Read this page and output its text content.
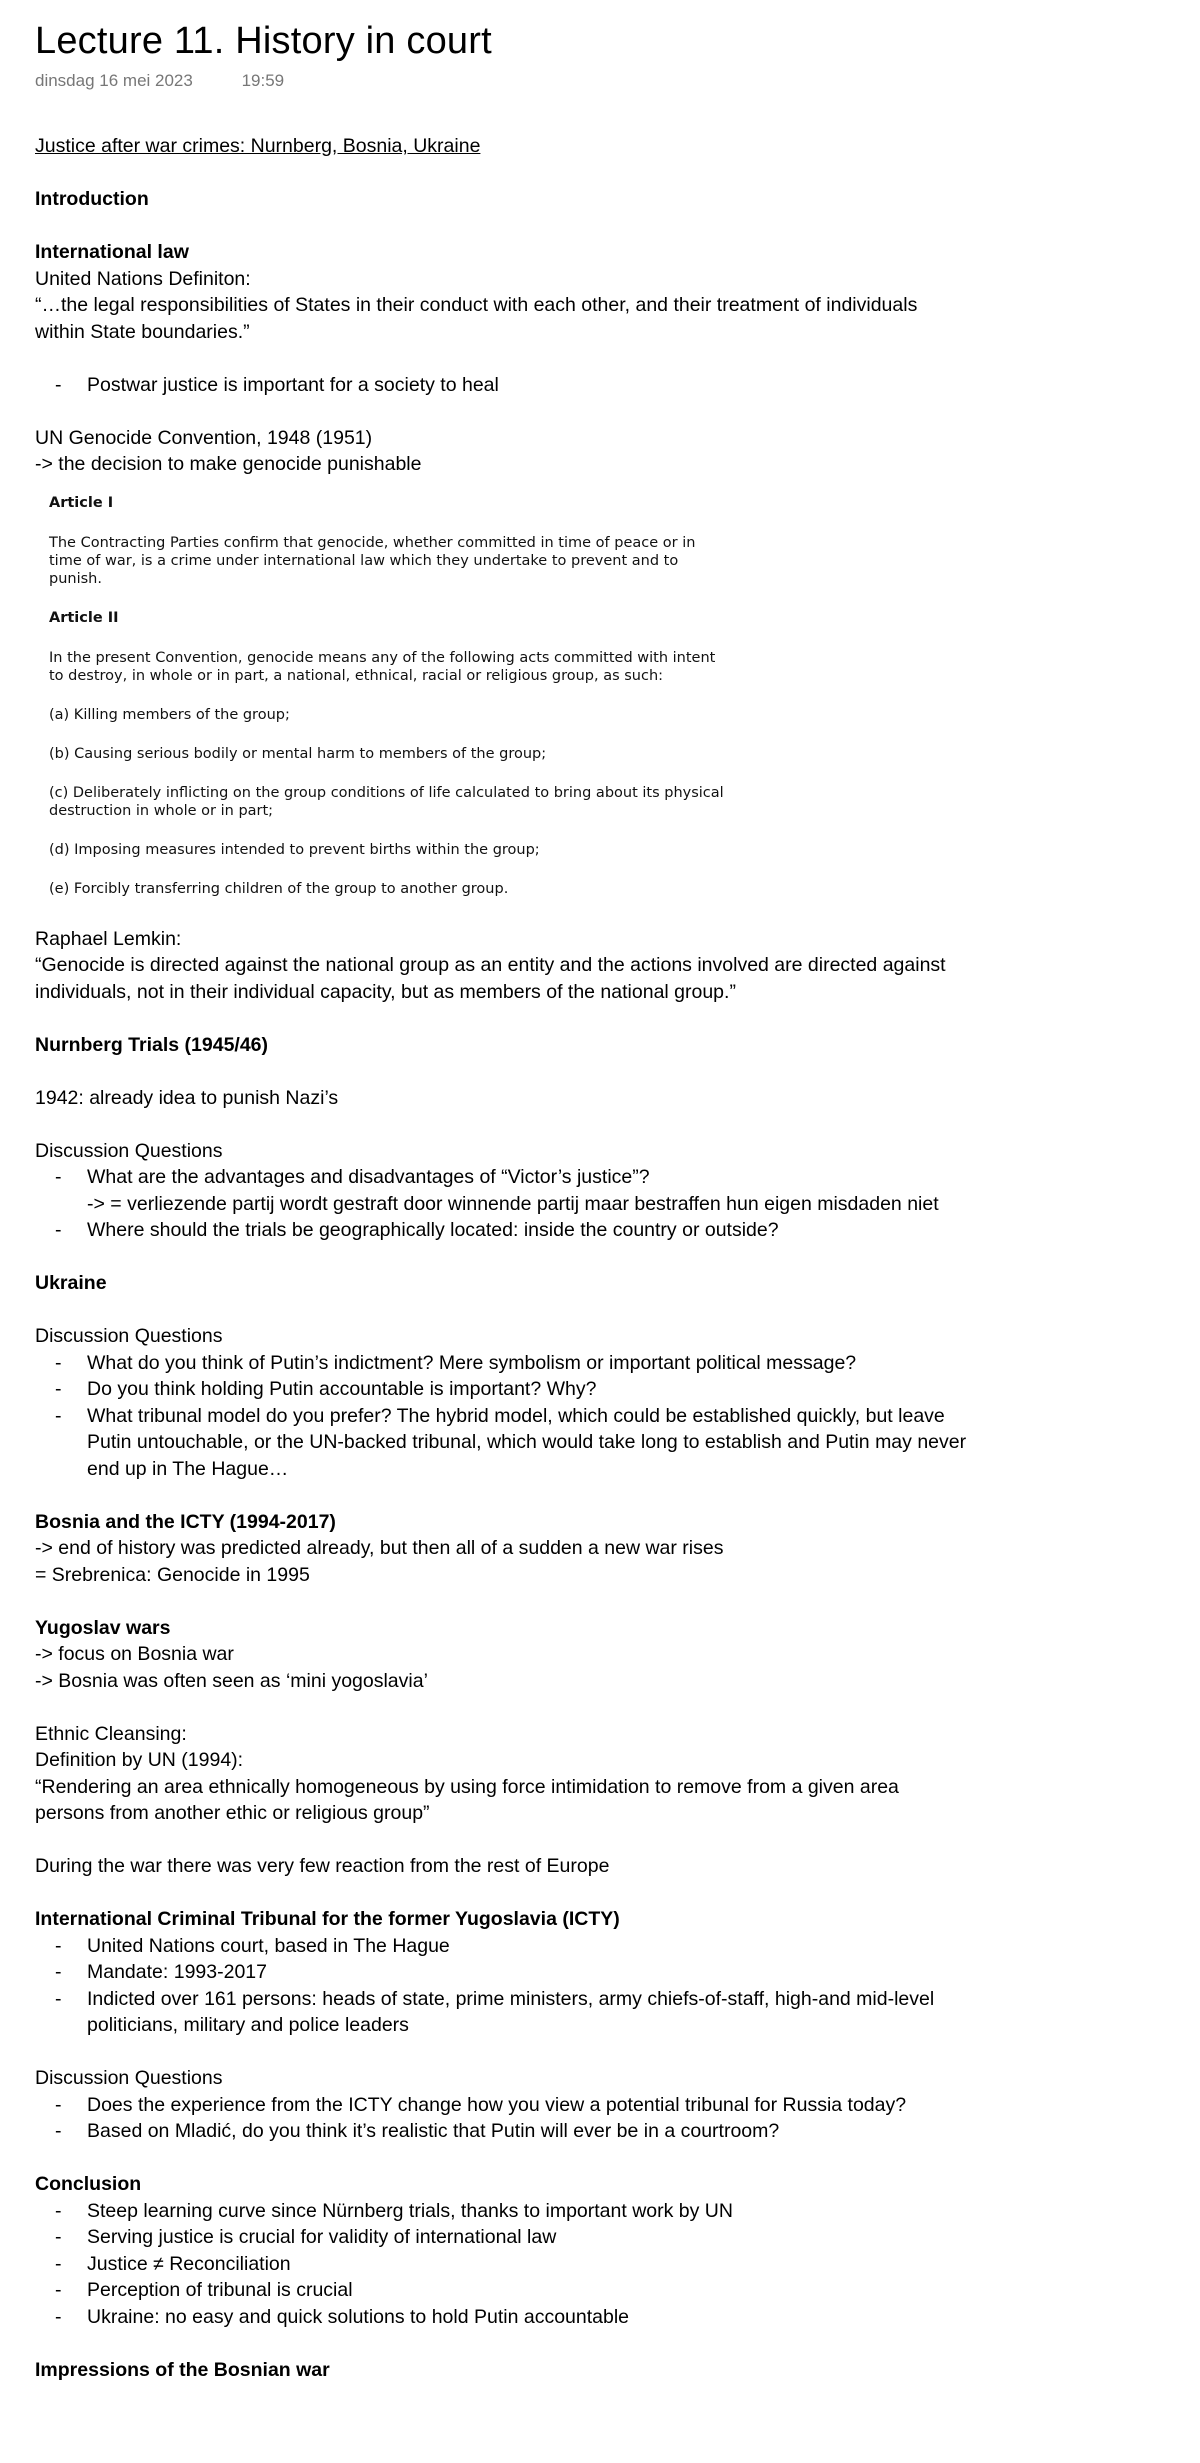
Lecture 11. History in court
dinsdag 16 mei 2023	19:59
Justice after war crimes: Nurnberg, Bosnia, Ukraine
Introduction
International law
United Nations Definiton:
“…the legal responsibilities of States in their conduct with each other, and their treatment of individuals
within State boundaries.”
- Postwar justice is important for a society to heal
UN Genocide Convention, 1948 (1951)
-> the decision to make genocide punishable

Article I

The Contracting Parties confirm that genocide, whether committed in time of peace or in time of war, is a crime under international law which they undertake to prevent and to punish.

Article II

In the present Convention, genocide means any of the following acts committed with intent to destroy, in whole or in part, a national, ethnical, racial or religious group, as such:

(a) Killing members of the group;

(b) Causing serious bodily or mental harm to members of the group;

(c) Deliberately inflicting on the group conditions of life calculated to bring about its physical destruction in whole or in part;

(d) Imposing measures intended to prevent births within the group;

(e) Forcibly transferring children of the group to another group.

Raphael Lemkin:
“Genocide is directed against the national group as an entity and the actions involved are directed against
individuals, not in their individual capacity, but as members of the national group.”
Nurnberg Trials (1945/46)
1942: already idea to punish Nazi’s
Discussion Questions
- What are the advantages and disadvantages of “Victor’s justice”?
-> = verliezende partij wordt gestraft door winnende partij maar bestraffen hun eigen misdaden niet
- Where should the trials be geographically located: inside the country or outside?
Ukraine
Discussion Questions
- What do you think of Putin’s indictment? Mere symbolism or important political message?
- Do you think holding Putin accountable is important? Why?
- What tribunal model do you prefer? The hybrid model, which could be established quickly, but leave
Putin untouchable, or the UN-backed tribunal, which would take long to establish and Putin may never
end up in The Hague…
Bosnia and the ICTY (1994-2017)
-> end of history was predicted already, but then all of a sudden a new war rises
= Srebrenica: Genocide in 1995
Yugoslav wars
-> focus on Bosnia war
-> Bosnia was often seen as ‘mini yogoslavia’
Ethnic Cleansing:
Definition by UN (1994):
“Rendering an area ethnically homogeneous by using force intimidation to remove from a given area
persons from another ethic or religious group”
During the war there was very few reaction from the rest of Europe
International Criminal Tribunal for the former Yugoslavia (ICTY)
- United Nations court, based in The Hague
- Mandate: 1993-2017
- Indicted over 161 persons: heads of state, prime ministers, army chiefs-of-staff, high-and mid-level
politicians, military and police leaders
Discussion Questions
- Does the experience from the ICTY change how you view a potential tribunal for Russia today?
- Based on Mladić, do you think it’s realistic that Putin will ever be in a courtroom?
Conclusion
- Steep learning curve since Nürnberg trials, thanks to important work by UN
- Serving justice is crucial for validity of international law
- Justice ≠ Reconciliation
- Perception of tribunal is crucial
- Ukraine: no easy and quick solutions to hold Putin accountable
Impressions of the Bosnian war
